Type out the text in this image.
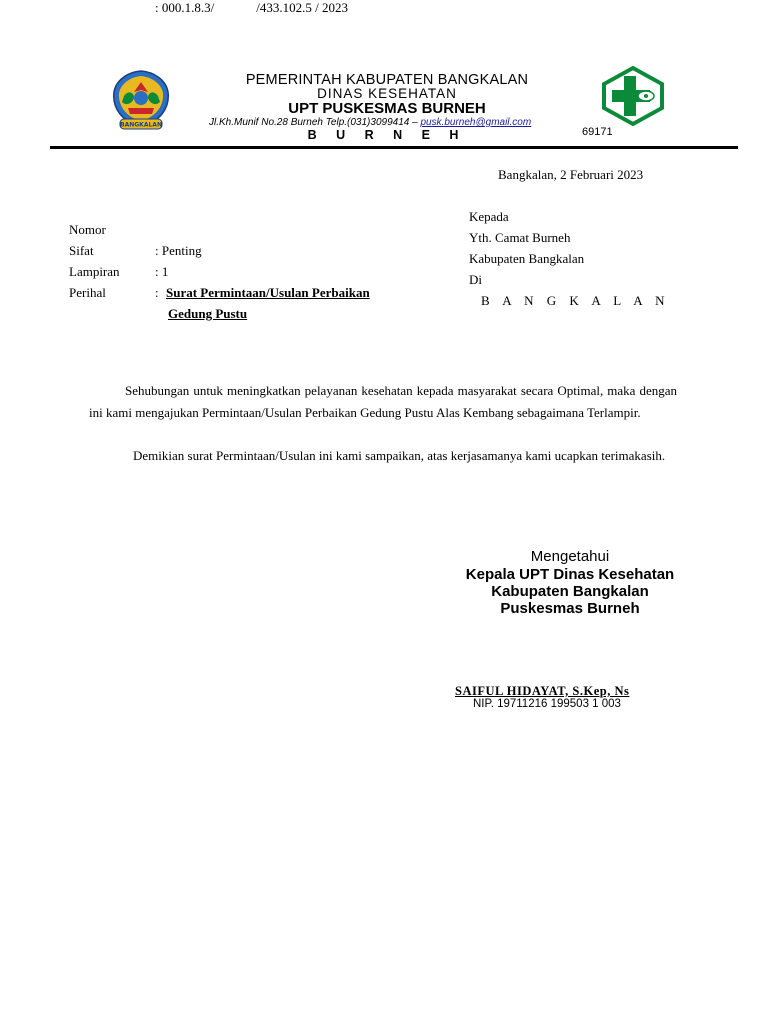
BANGKALAN
PEMERINTAH KABUPATEN BANGKALAN
DINAS KESEHATAN
UPT PUSKESMAS BURNEH
Jl.Kh.Munif No.28 Burneh Telp.(031)3099414 – pusk.burneh@gmail.com
B U R N E H	69171
Bangkalan, 2 Februari 2023
Nomor
: 000.1.8.3/	/433.102.5 / 2023
Sifat	: Penting
Lampiran	: 1
Perihal	: Surat Permintaan/Usulan Perbaikan
Gedung Pustu
Kepada
Yth. Camat Burneh
Kabupaten Bangkalan
Di
B A N G K A L A N
Sehubungan untuk meningkatkan pelayanan kesehatan kepada masyarakat secara Optimal, maka dengan ini kami mengajukan Permintaan/Usulan Perbaikan Gedung Pustu Alas Kembang sebagaimana Terlampir.
Demikian surat Permintaan/Usulan ini kami sampaikan, atas kerjasamanya kami ucapkan terimakasih.
Mengetahui
Kepala UPT Dinas Kesehatan
Kabupaten Bangkalan
Puskesmas Burneh
SAIFUL HIDAYAT, S.Kep, Ns
NIP. 19711216 199503 1 003
